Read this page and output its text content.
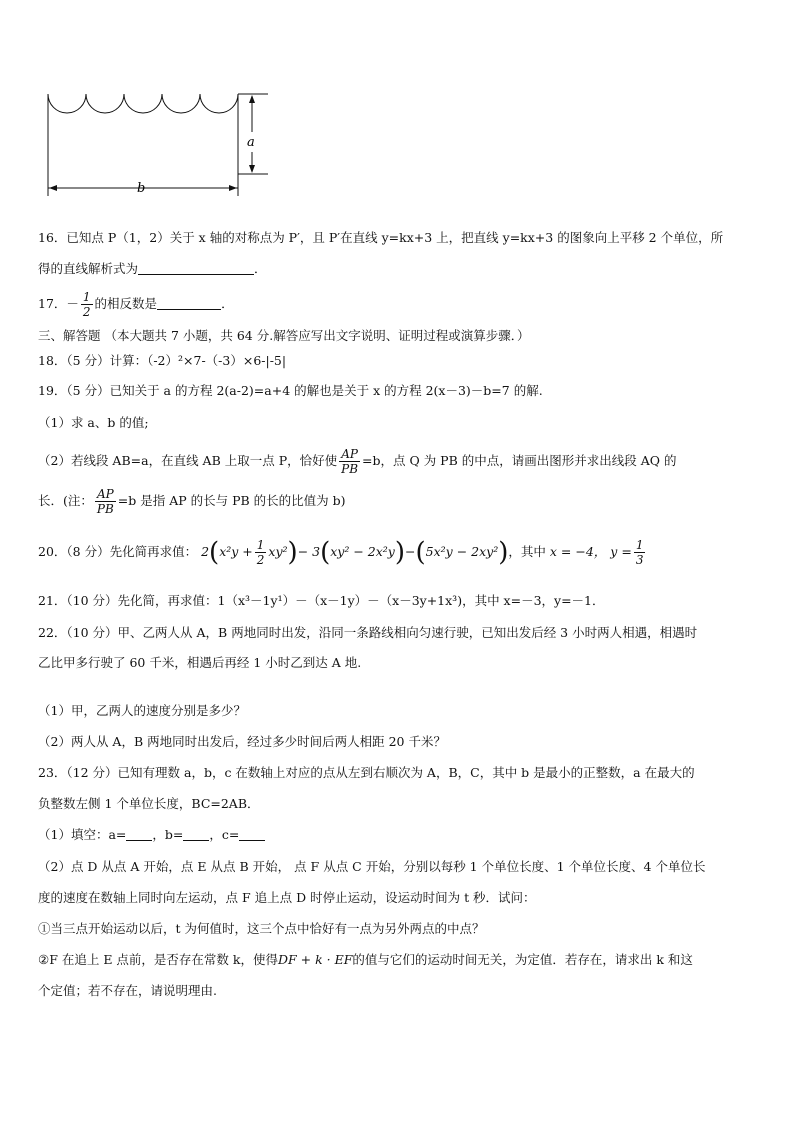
a
b
16．已知点 P（1，2）关于 x 轴的对称点为 P′，且 P′在直线 y=kx+3 上，把直线 y=kx+3 的图象向上平移 2 个单位，所
得的直线解析式为	．
17．－ $\frac{1}{2}$ 的相反数是	．
三、解答题 （本大题共 7 小题，共 64 分.解答应写出文字说明、证明过程或演算步骤．）
18．（5 分）计算：（-2）²×7-（-3）×6-|-5|
19．（5 分）已知关于 a 的方程 2(a-2)=a+4 的解也是关于 x 的方程 2(x－3)－b=7 的解.
（1）求 a、b 的值;
（2）若线段 AB=a，在直线 AB 上取一点 P，恰好使 $\frac{AP}{PB} =b$，点 Q 为 PB 的中点，请画出图形并求出线段 AQ 的
长．(注： $\frac{AP}{PB} =b$ 是指 AP 的长与 PB 的长的比值为 b)
20．（8 分）先化简再求值： $2(x^2y + \frac{1}{2} xy^2)- 3(xy^2 - 2x^2y)-(5x^2y - 2xy^2)$，其中 x = −4， $y = \frac{1}{3}$
21．（10 分）先化简，再求值：1（x³－1y¹）－（x－1y）－（x－3y+1x³)，其中 x=－3，y=－1．
22．（10 分）甲、乙两人从 A，B 两地同时出发，沿同一条路线相向匀速行驶，已知出发后经 3 小时两人相遇，相遇时
乙比甲多行驶了 60 千米，相遇后再经 1 小时乙到达 A 地.
（1）甲，乙两人的速度分别是多少？
（2）两人从 A，B 两地同时出发后，经过多少时间后两人相距 20 千米？
23．（12 分）已知有理数 a，b，c 在数轴上对应的点从左到右顺次为 A，B，C，其中 b 是最小的正整数，a 在最大的
负整数左侧 1 个单位长度，BC=2AB．
（1）填空：a= ，b= ，c=
（2）点 D 从点 A 开始，点 E 从点 B 开始， 点 F 从点 C 开始，分别以每秒 1 个单位长度、1 个单位长度、4 个单位长
度的速度在数轴上同时向左运动，点 F 追上点 D 时停止运动，设运动时间为 t 秒．试问：
①当三点开始运动以后，t 为何值时，这三个点中恰好有一点为另外两点的中点？
②F 在追上 E 点前，是否存在常数 k，使得DF + k · EF的值与它们的运动时间无关，为定值．若存在，请求出 k 和这
个定值；若不存在，请说明理由.
